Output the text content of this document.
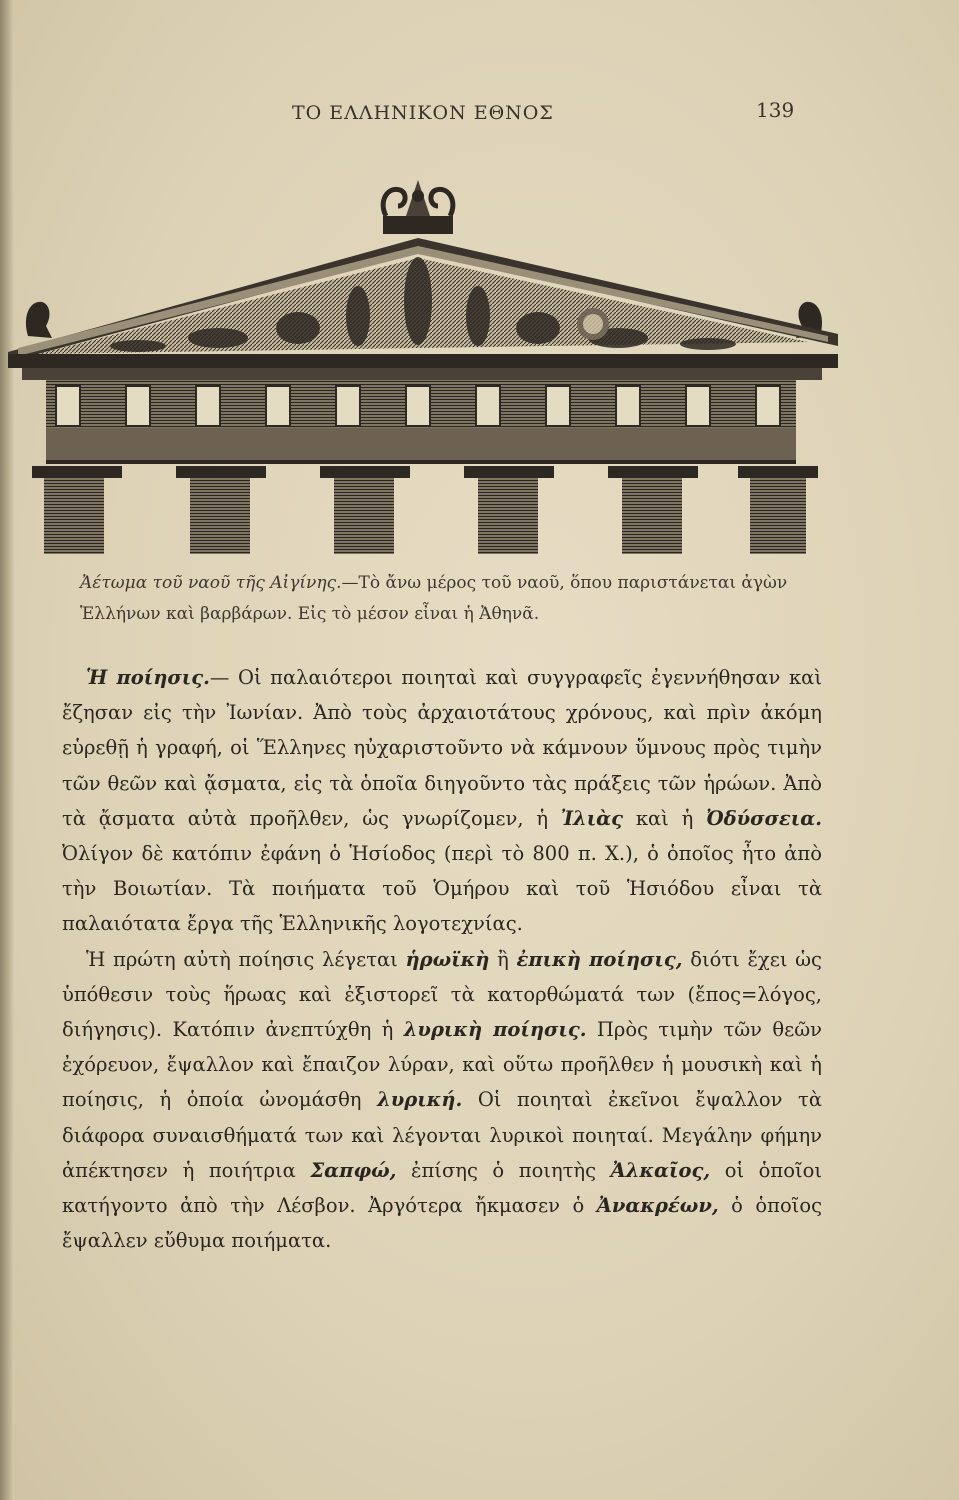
ΤΟ ΕΛΛΗΝΙΚΟΝ ΕΘΝΟΣ	139
Ἀέτωμα τοῦ ναοῦ τῆς Αἰγίνης.—Τὸ ἄνω μέρος τοῦ ναοῦ, ὅπου παριστάνεται ἀγὼν Ἑλλήνων καὶ βαρβάρων. Εἰς τὸ μέσον εἶναι ἡ Ἀθηνᾶ.

Ἡ ποίησις.— Οἱ παλαιότεροι ποιηταὶ καὶ συγγραφεῖς ἐγεννήθησαν καὶ ἔζησαν εἰς τὴν Ἰωνίαν. Ἀπὸ τοὺς ἀρχαιοτάτους χρόνους, καὶ πρὶν ἀκόμη εὑρεθῇ ἡ γραφή, οἱ Ἕλληνες ηὐχαριστοῦντο νὰ κάμνουν ὕμνους πρὸς τιμὴν τῶν θεῶν καὶ ᾄσματα, εἰς τὰ ὁποῖα διηγοῦντο τὰς πράξεις τῶν ἡρώων. Ἀπὸ τὰ ᾄσματα αὐτὰ προῆλθεν, ὡς γνωρίζομεν, ἡ Ἰλιὰς καὶ ἡ Ὀδύσσεια. Ὀλίγον δὲ κατόπιν ἐφάνη ὁ Ἡσίοδος (περὶ τὸ 800 π. Χ.), ὁ ὁποῖος ἦτο ἀπὸ τὴν Βοιωτίαν. Τὰ ποιήματα τοῦ Ὁμήρου καὶ τοῦ Ἡσιόδου εἶναι τὰ παλαιότατα ἔργα τῆς Ἑλληνικῆς λογοτεχνίας.

Ἡ πρώτη αὐτὴ ποίησις λέγεται ἡρωϊκὴ ἢ ἐπικὴ ποίησις, διότι ἔχει ὡς ὑπόθεσιν τοὺς ἥρωας καὶ ἐξιστορεῖ τὰ κατορθώματά των (ἔπος=λόγος, διήγησις). Κατόπιν ἀνεπτύχθη ἡ λυρικὴ ποίησις. Πρὸς τιμὴν τῶν θεῶν ἐχόρευον, ἔψαλλον καὶ ἔπαιζον λύραν, καὶ οὕτω προῆλθεν ἡ μουσικὴ καὶ ἡ ποίησις, ἡ ὁποία ὠνομάσθη λυρική. Οἱ ποιηταὶ ἐκεῖνοι ἔψαλλον τὰ διάφορα συναισθήματά των καὶ λέγονται λυρικοὶ ποιηταί. Μεγάλην φήμην ἀπέκτησεν ἡ ποιήτρια Σαπφώ, ἐπίσης ὁ ποιητὴς Ἀλκαῖος, οἱ ὁποῖοι κατήγοντο ἀπὸ τὴν Λέσβον. Ἀργότερα ἤκμασεν ὁ Ἀνακρέων, ὁ ὁποῖος ἔψαλλεν εὔθυμα ποιήματα.
